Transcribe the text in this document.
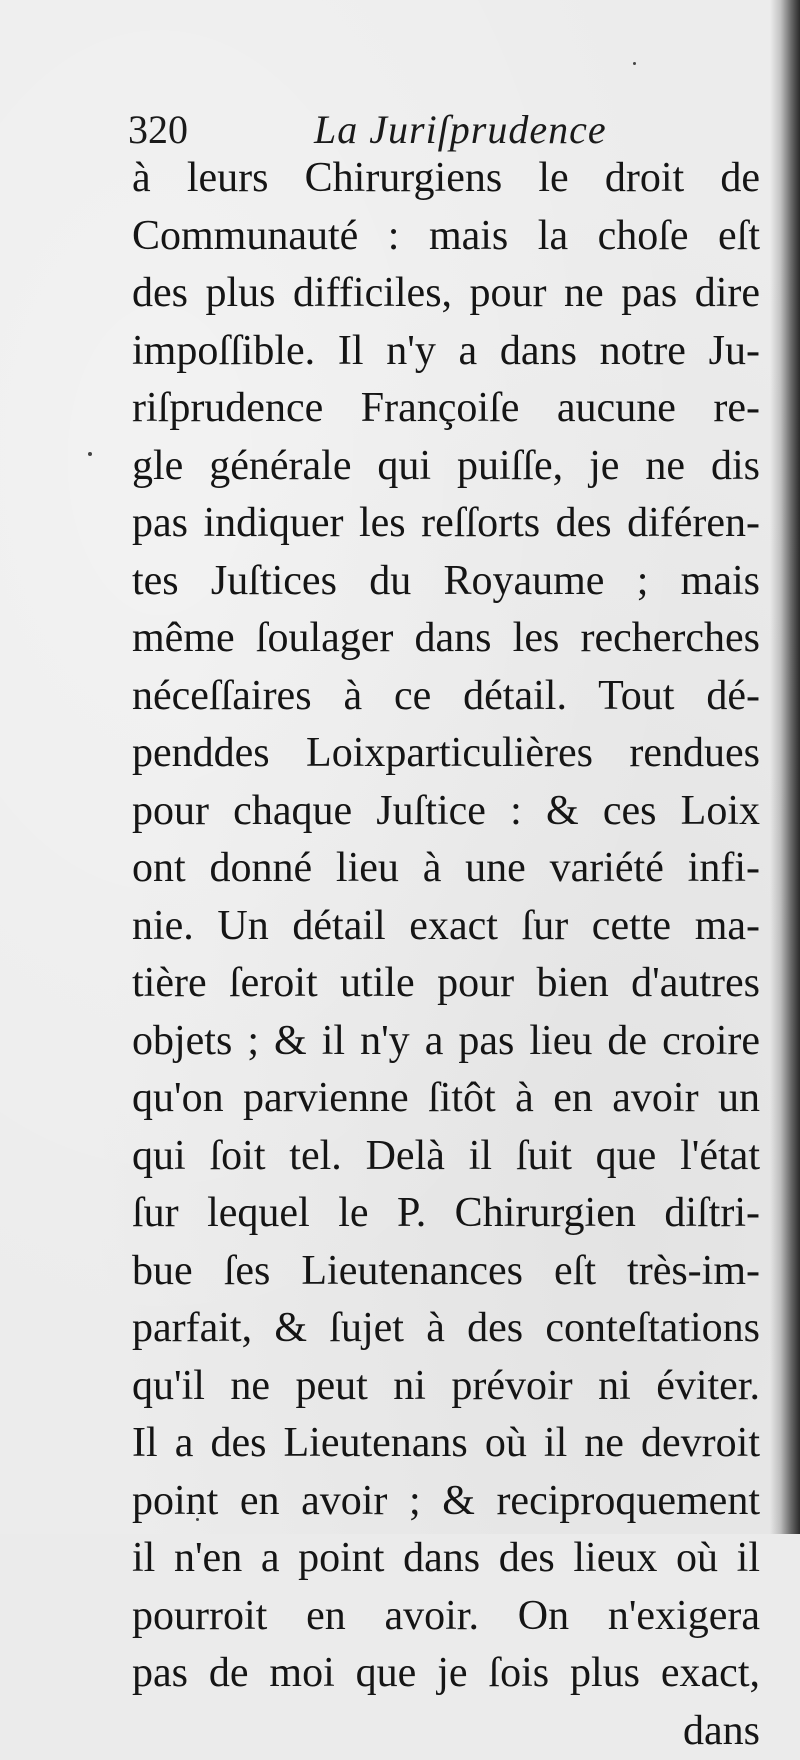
320	La Juriſprudence
à leurs Chirurgiens le droit de
Communauté : mais la choſe eſt
des plus difficiles, pour ne pas dire
impoſſible. Il n'y a dans notre Ju-
riſprudence Françoiſe aucune re-
gle générale qui puiſſe, je ne dis
pas indiquer les reſſorts des diféren-
tes Juſtices du Royaume ; mais
même ſoulager dans les recherches
néceſſaires à ce détail. Tout dé-
penddes Loixparticulières rendues
pour chaque Juſtice : & ces Loix
ont donné lieu à une variété infi-
nie. Un détail exact ſur cette ma-
tière ſeroit utile pour bien d'autres
objets ; & il n'y a pas lieu de croire
qu'on parvienne ſitôt à en avoir un
qui ſoit tel. Delà il ſuit que l'état
ſur lequel le P. Chirurgien diſtri-
bue ſes Lieutenances eſt très-im-
parfait, & ſujet à des conteſtations
qu'il ne peut ni prévoir ni éviter.
Il a des Lieutenans où il ne devroit
point en avoir ; & reciproquement
il n'en a point dans des lieux où il
pourroit en avoir. On n'exigera
pas de moi que je ſois plus exact,
dans
